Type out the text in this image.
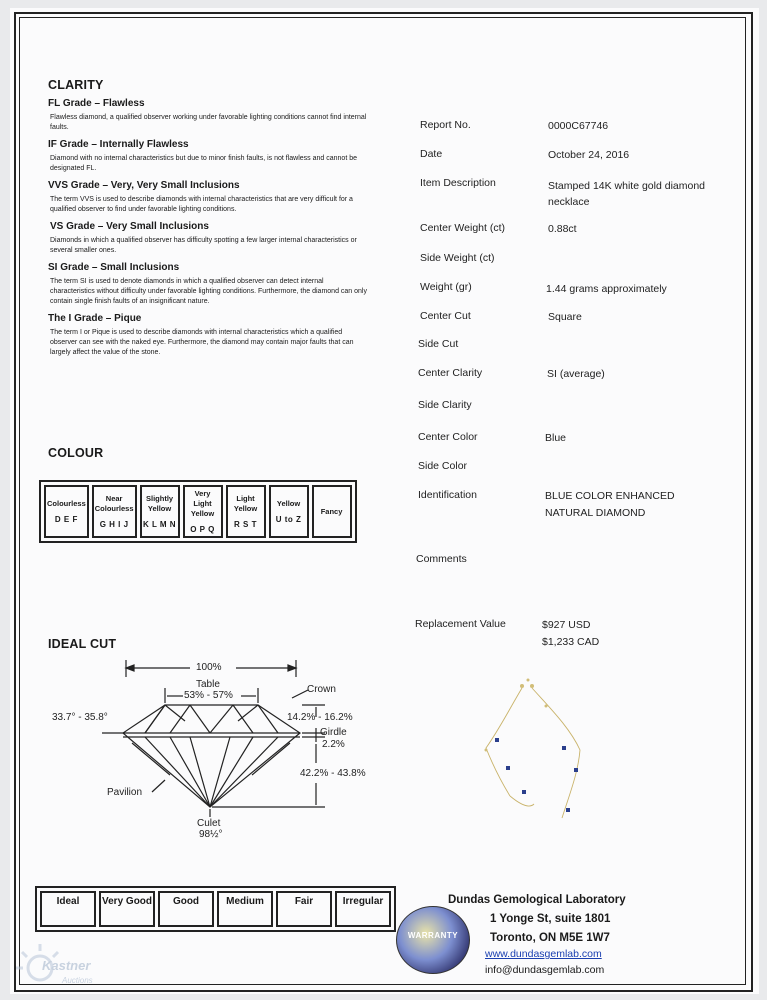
CLARITY
FL Grade – Flawless
Flawless diamond, a qualified observer working under favorable lighting conditions cannot find internal faults.
IF Grade – Internally Flawless
Diamond with no internal characteristics but due to minor finish faults, is not flawless and cannot be designated FL.
VVS Grade – Very, Very Small Inclusions
The term VVS is used to describe diamonds with internal characteristics that are very difficult for a qualified observer to find under favorable lighting conditions.
VS Grade – Very Small Inclusions
Diamonds in which a qualified observer has difficulty spotting a few larger internal characteristics or several smaller ones.
SI Grade – Small Inclusions
The term SI is used to denote diamonds in which a qualified observer can detect internal characteristics without difficulty under favorable lighting conditions. Furthermore, the diamond can only contain single finish faults of an insignificant nature.
The I Grade – Pique
The term I or Pique is used to describe diamonds with internal characteristics which a qualified observer can see with the naked eye. Furthermore, the diamond may contain major faults that can largely affect the value of the stone.
COLOUR
Colourless
D E F
	Near Colourless
G H I J
	Slightly Yellow
K L M N
	Very Light Yellow
O P Q
	Light Yellow
R S T
	Yellow
U to Z
	Fancy
IDEAL CUT
100%
Table
53% - 57%
Crown
33.7° - 35.8°	14.2% - 16.2%
Girdle
2.2%
42.2% - 43.8%
Pavilion
Culet
98½°
Ideal	Very Good	Good	Medium	Fair	Irregular
Report No.	0000C67746
Date	October 24, 2016
Item Description	Stamped 14K white gold diamond necklace
Center Weight (ct)	0.88ct
Side Weight (ct)
Weight (gr)	1.44 grams approximately
Center Cut	Square
Side Cut
Center Clarity	SI (average)
Side Clarity
Center Color	Blue
Side Color
Identification	BLUE COLOR ENHANCED
NATURAL DIAMOND
Comments
Replacement Value	$927 USD
$1,233 CAD
Dundas Gemological Laboratory
1 Yonge St, suite 1801
Toronto, ON M5E 1W7
www.dundasgemlab.com
info@dundasgemlab.com
WARRANTY
Kastner
Auctions
